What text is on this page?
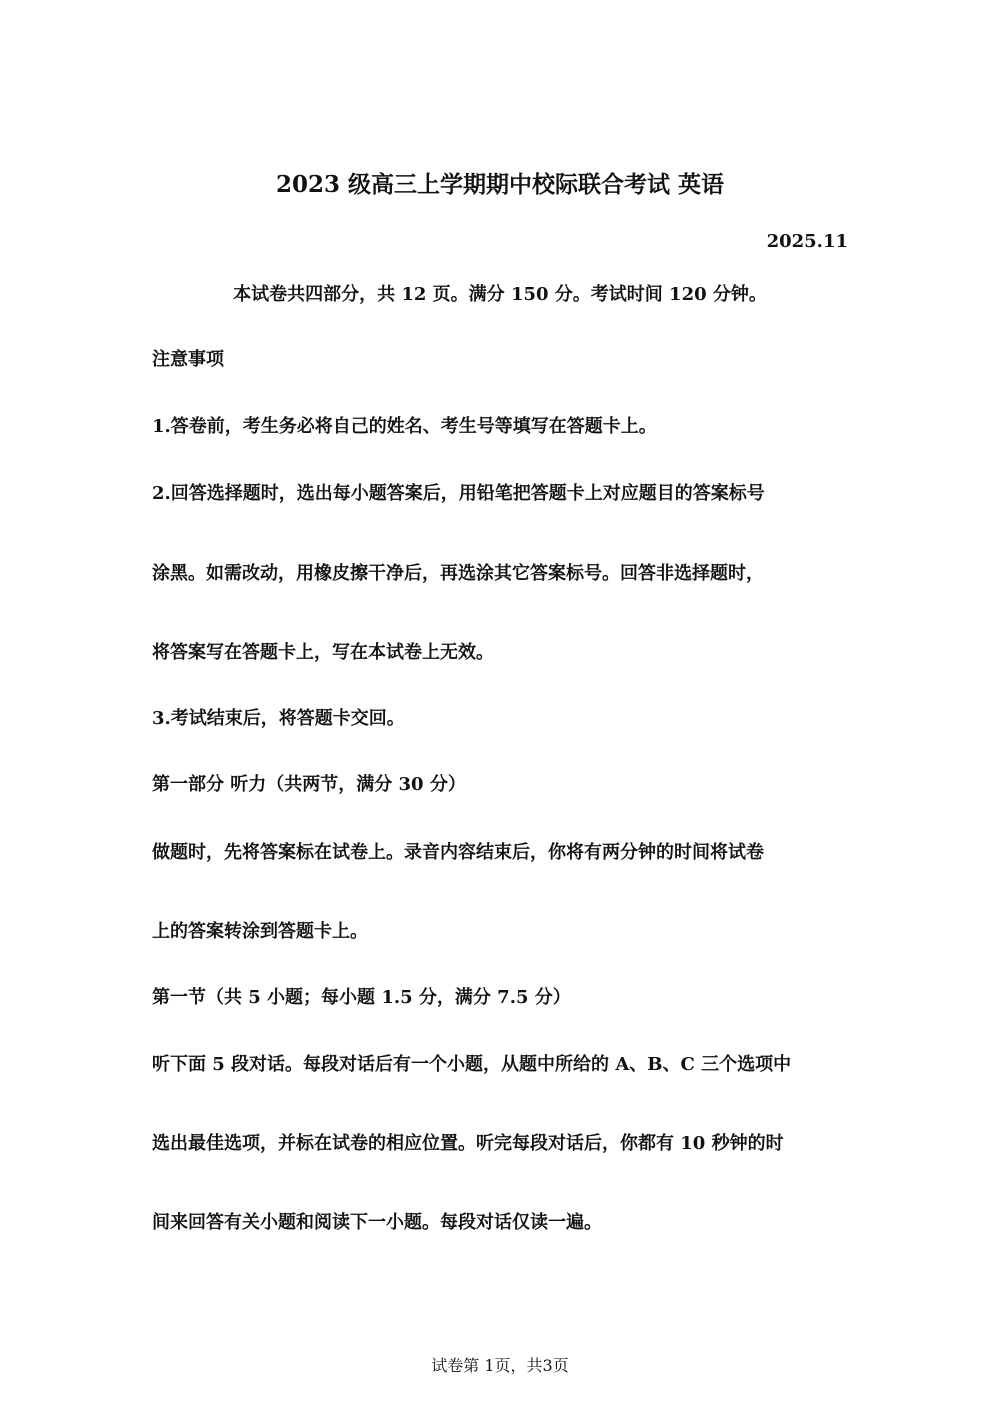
2023 级高三上学期期中校际联合考试 英语
2025.11
本试卷共四部分，共 12 页。满分 150 分。考试时间 120 分钟。
注意事项
1.答卷前，考生务必将自己的姓名、考生号等填写在答题卡上。
2.回答选择题时，选出每小题答案后，用铅笔把答题卡上对应题目的答案标号
涂黑。如需改动，用橡皮擦干净后，再选涂其它答案标号。回答非选择题时，
将答案写在答题卡上，写在本试卷上无效。
3.考试结束后，将答题卡交回。
第一部分 听力（共两节，满分 30 分）
做题时，先将答案标在试卷上。录音内容结束后，你将有两分钟的时间将试卷
上的答案转涂到答题卡上。
第一节（共 5 小题；每小题 1.5 分，满分 7.5 分）
听下面 5 段对话。每段对话后有一个小题，从题中所给的 A、B、C 三个选项中
选出最佳选项，并标在试卷的相应位置。听完每段对话后，你都有 10 秒钟的时
间来回答有关小题和阅读下一小题。每段对话仅读一遍。
试卷第 1页，共3页
